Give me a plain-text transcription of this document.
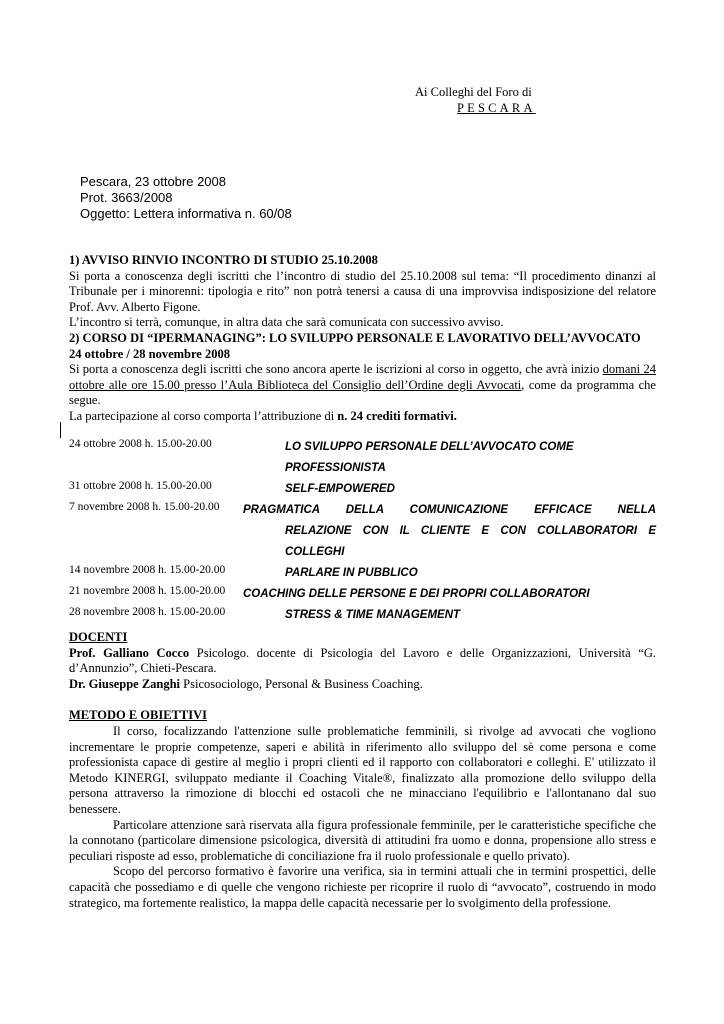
Ai Colleghi del Foro di
PESCARA
Pescara, 23 ottobre 2008
Prot. 3663/2008
Oggetto: Lettera informativa n. 60/08

1) AVVISO RINVIO INCONTRO DI STUDIO 25.10.2008

Si porta a conoscenza degli iscritti che l’incontro di studio del 25.10.2008 sul tema: “Il procedimento dinanzi al Tribunale per i minorenni: tipologia e rito” non potrà tenersi a causa di una improvvisa indisposizione del relatore Prof. Avv. Alberto Figone.

L’incontro si terrà, comunque, in altra data che sarà comunicata con successivo avviso.

2) CORSO DI “IPERMANAGING”: LO SVILUPPO PERSONALE E LAVORATIVO DELL’AVVOCATO 24 ottobre / 28 novembre 2008

Si porta a conoscenza degli iscritti che sono ancora aperte le iscrizioni al corso in oggetto, che avrà inizio domani 24 ottobre alle ore 15.00 presso l’Aula Biblioteca del Consiglio dell’Ordine degli Avvocati, come da programma che segue.

La partecipazione al corso comporta l’attribuzione di n. 24 crediti formativi.

24 ottobre 2008 h. 15.00-20.00	LO SVILUPPO PERSONALE DELL’AVVOCATO COME
PROFESSIONISTA
31 ottobre 2008 h. 15.00-20.00	SELF-EMPOWERED
7 novembre 2008 h. 15.00-20.00 PRAGMATICA DELLA COMUNICAZIONE EFFICACE NELLA
RELAZIONE CON IL CLIENTE E CON COLLABORATORI E
COLLEGHI
14 novembre 2008 h. 15.00-20.00	PARLARE IN PUBBLICO
21 novembre 2008 h. 15.00-20.00 COACHING DELLE PERSONE E DEI PROPRI COLLABORATORI
28 novembre 2008 h. 15.00-20.00	STRESS & TIME MANAGEMENT

DOCENTI

Prof. Galliano Cocco Psicologo. docente di Psicologia del Lavoro e delle Organizzazioni, Università “G. d’Annunzio”, Chieti-Pescara.

Dr. Giuseppe Zanghi Psicosociologo, Personal & Business Coaching.

METODO E OBIETTIVI

Il corso, focalizzando l'attenzione sulle problematiche femminili, si rivolge ad avvocati che vogliono incrementare le proprie competenze, saperi e abilità in riferimento allo sviluppo del sè come persona e come professionista capace di gestire al meglio i propri clienti ed il rapporto con collaboratori e colleghi. E' utilizzato il Metodo KINERGI, sviluppato mediante il Coaching Vitale®, finalizzato alla promozione dello sviluppo della persona attraverso la rimozione di blocchi ed ostacoli che ne minacciano l'equilibrio e l'allontanano dal suo benessere.

Particolare attenzione sarà riservata alla figura professionale femminile, per le caratteristiche specifiche che la connotano (particolare dimensione psicologica, diversità di attitudini fra uomo e donna, propensione allo stress e peculiari risposte ad esso, problematiche di conciliazione fra il ruolo professionale e quello privato).

Scopo del percorso formativo è favorire una verifica, sia in termini attuali che in termini prospettici, delle capacità che possediamo e di quelle che vengono richieste per ricoprire il ruolo di “avvocato”, costruendo in modo strategico, ma fortemente realistico, la mappa delle capacità necessarie per lo svolgimento della professione.
